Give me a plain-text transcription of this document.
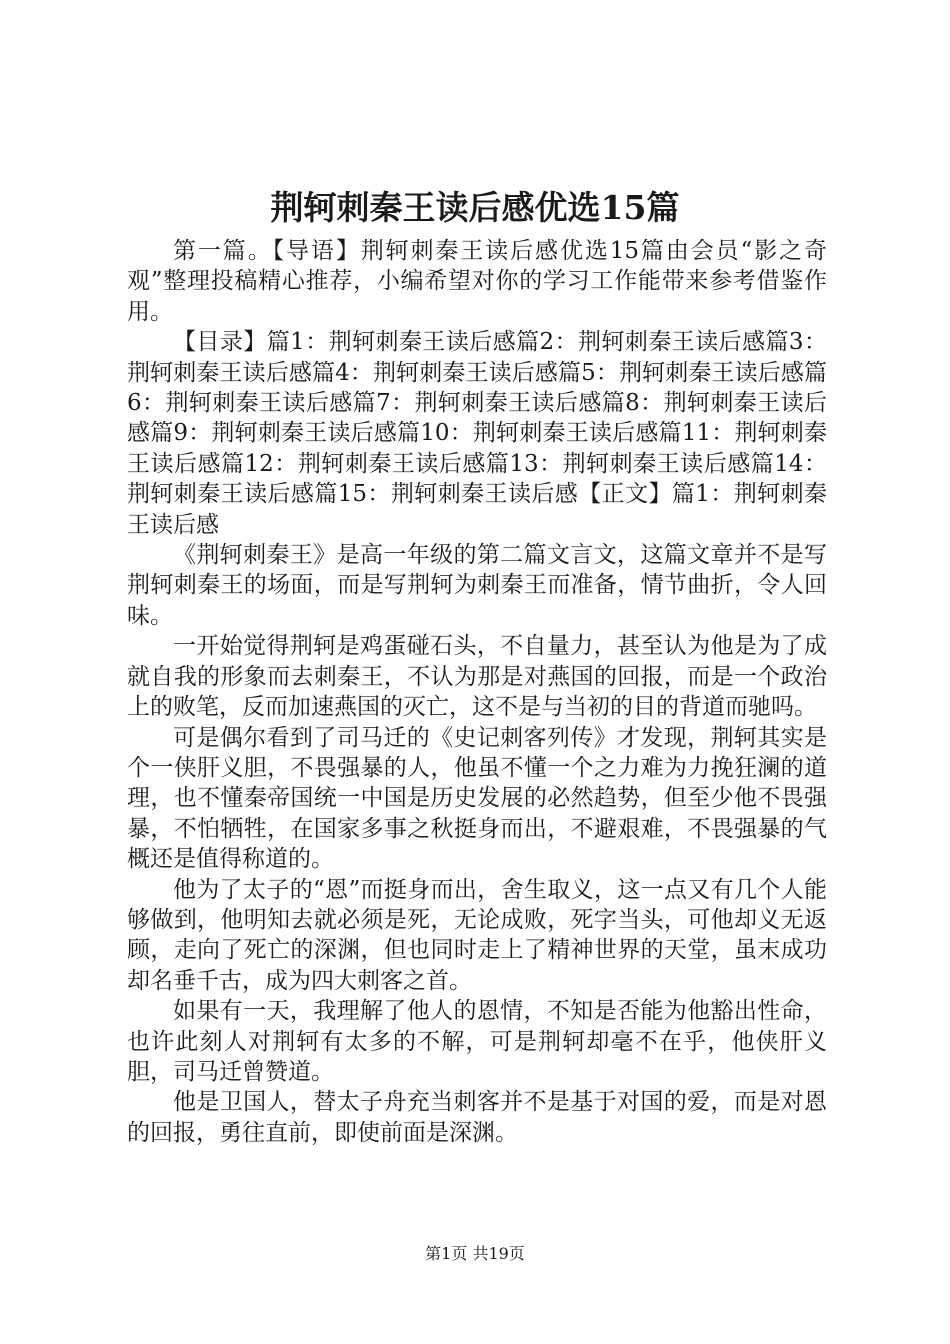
荆轲刺秦王读后感优选15篇

第一篇。【导语】荆轲刺秦王读后感优选15篇由会员“影之奇观”整理投稿精心推荐，小编希望对你的学习工作能带来参考借鉴作用。

【目录】篇1：荆轲刺秦王读后感篇2：荆轲刺秦王读后感篇3：荆轲刺秦王读后感篇4：荆轲刺秦王读后感篇5：荆轲刺秦王读后感篇6：荆轲刺秦王读后感篇7：荆轲刺秦王读后感篇8：荆轲刺秦王读后感篇9：荆轲刺秦王读后感篇10：荆轲刺秦王读后感篇11：荆轲刺秦王读后感篇12：荆轲刺秦王读后感篇13：荆轲刺秦王读后感篇14：荆轲刺秦王读后感篇15：荆轲刺秦王读后感【正文】篇1：荆轲刺秦王读后感

《荆轲刺秦王》是高一年级的第二篇文言文，这篇文章并不是写荆轲刺秦王的场面，而是写荆轲为刺秦王而准备，情节曲折，令人回味。

一开始觉得荆轲是鸡蛋碰石头，不自量力，甚至认为他是为了成就自我的形象而去刺秦王，不认为那是对燕国的回报，而是一个政治上的败笔，反而加速燕国的灭亡，这不是与当初的目的背道而驰吗。

可是偶尔看到了司马迁的《史记刺客列传》才发现，荆轲其实是个一侠肝义胆，不畏强暴的人，他虽不懂一个之力难为力挽狂澜的道理，也不懂秦帝国统一中国是历史发展的必然趋势，但至少他不畏强暴，不怕牺牲，在国家多事之秋挺身而出，不避艰难，不畏强暴的气概还是值得称道的。

他为了太子的“恩”而挺身而出，舍生取义，这一点又有几个人能够做到，他明知去就必须是死，无论成败，死字当头，可他却义无返顾，走向了死亡的深渊，但也同时走上了精神世界的天堂，虽末成功却名垂千古，成为四大刺客之首。

如果有一天，我理解了他人的恩情，不知是否能为他豁出性命，也许此刻人对荆轲有太多的不解，可是荆轲却毫不在乎，他侠肝义胆，司马迁曾赞道。

他是卫国人，替太子舟充当刺客并不是基于对国的爱，而是对恩的回报，勇往直前，即使前面是深渊。

第1页 共19页
